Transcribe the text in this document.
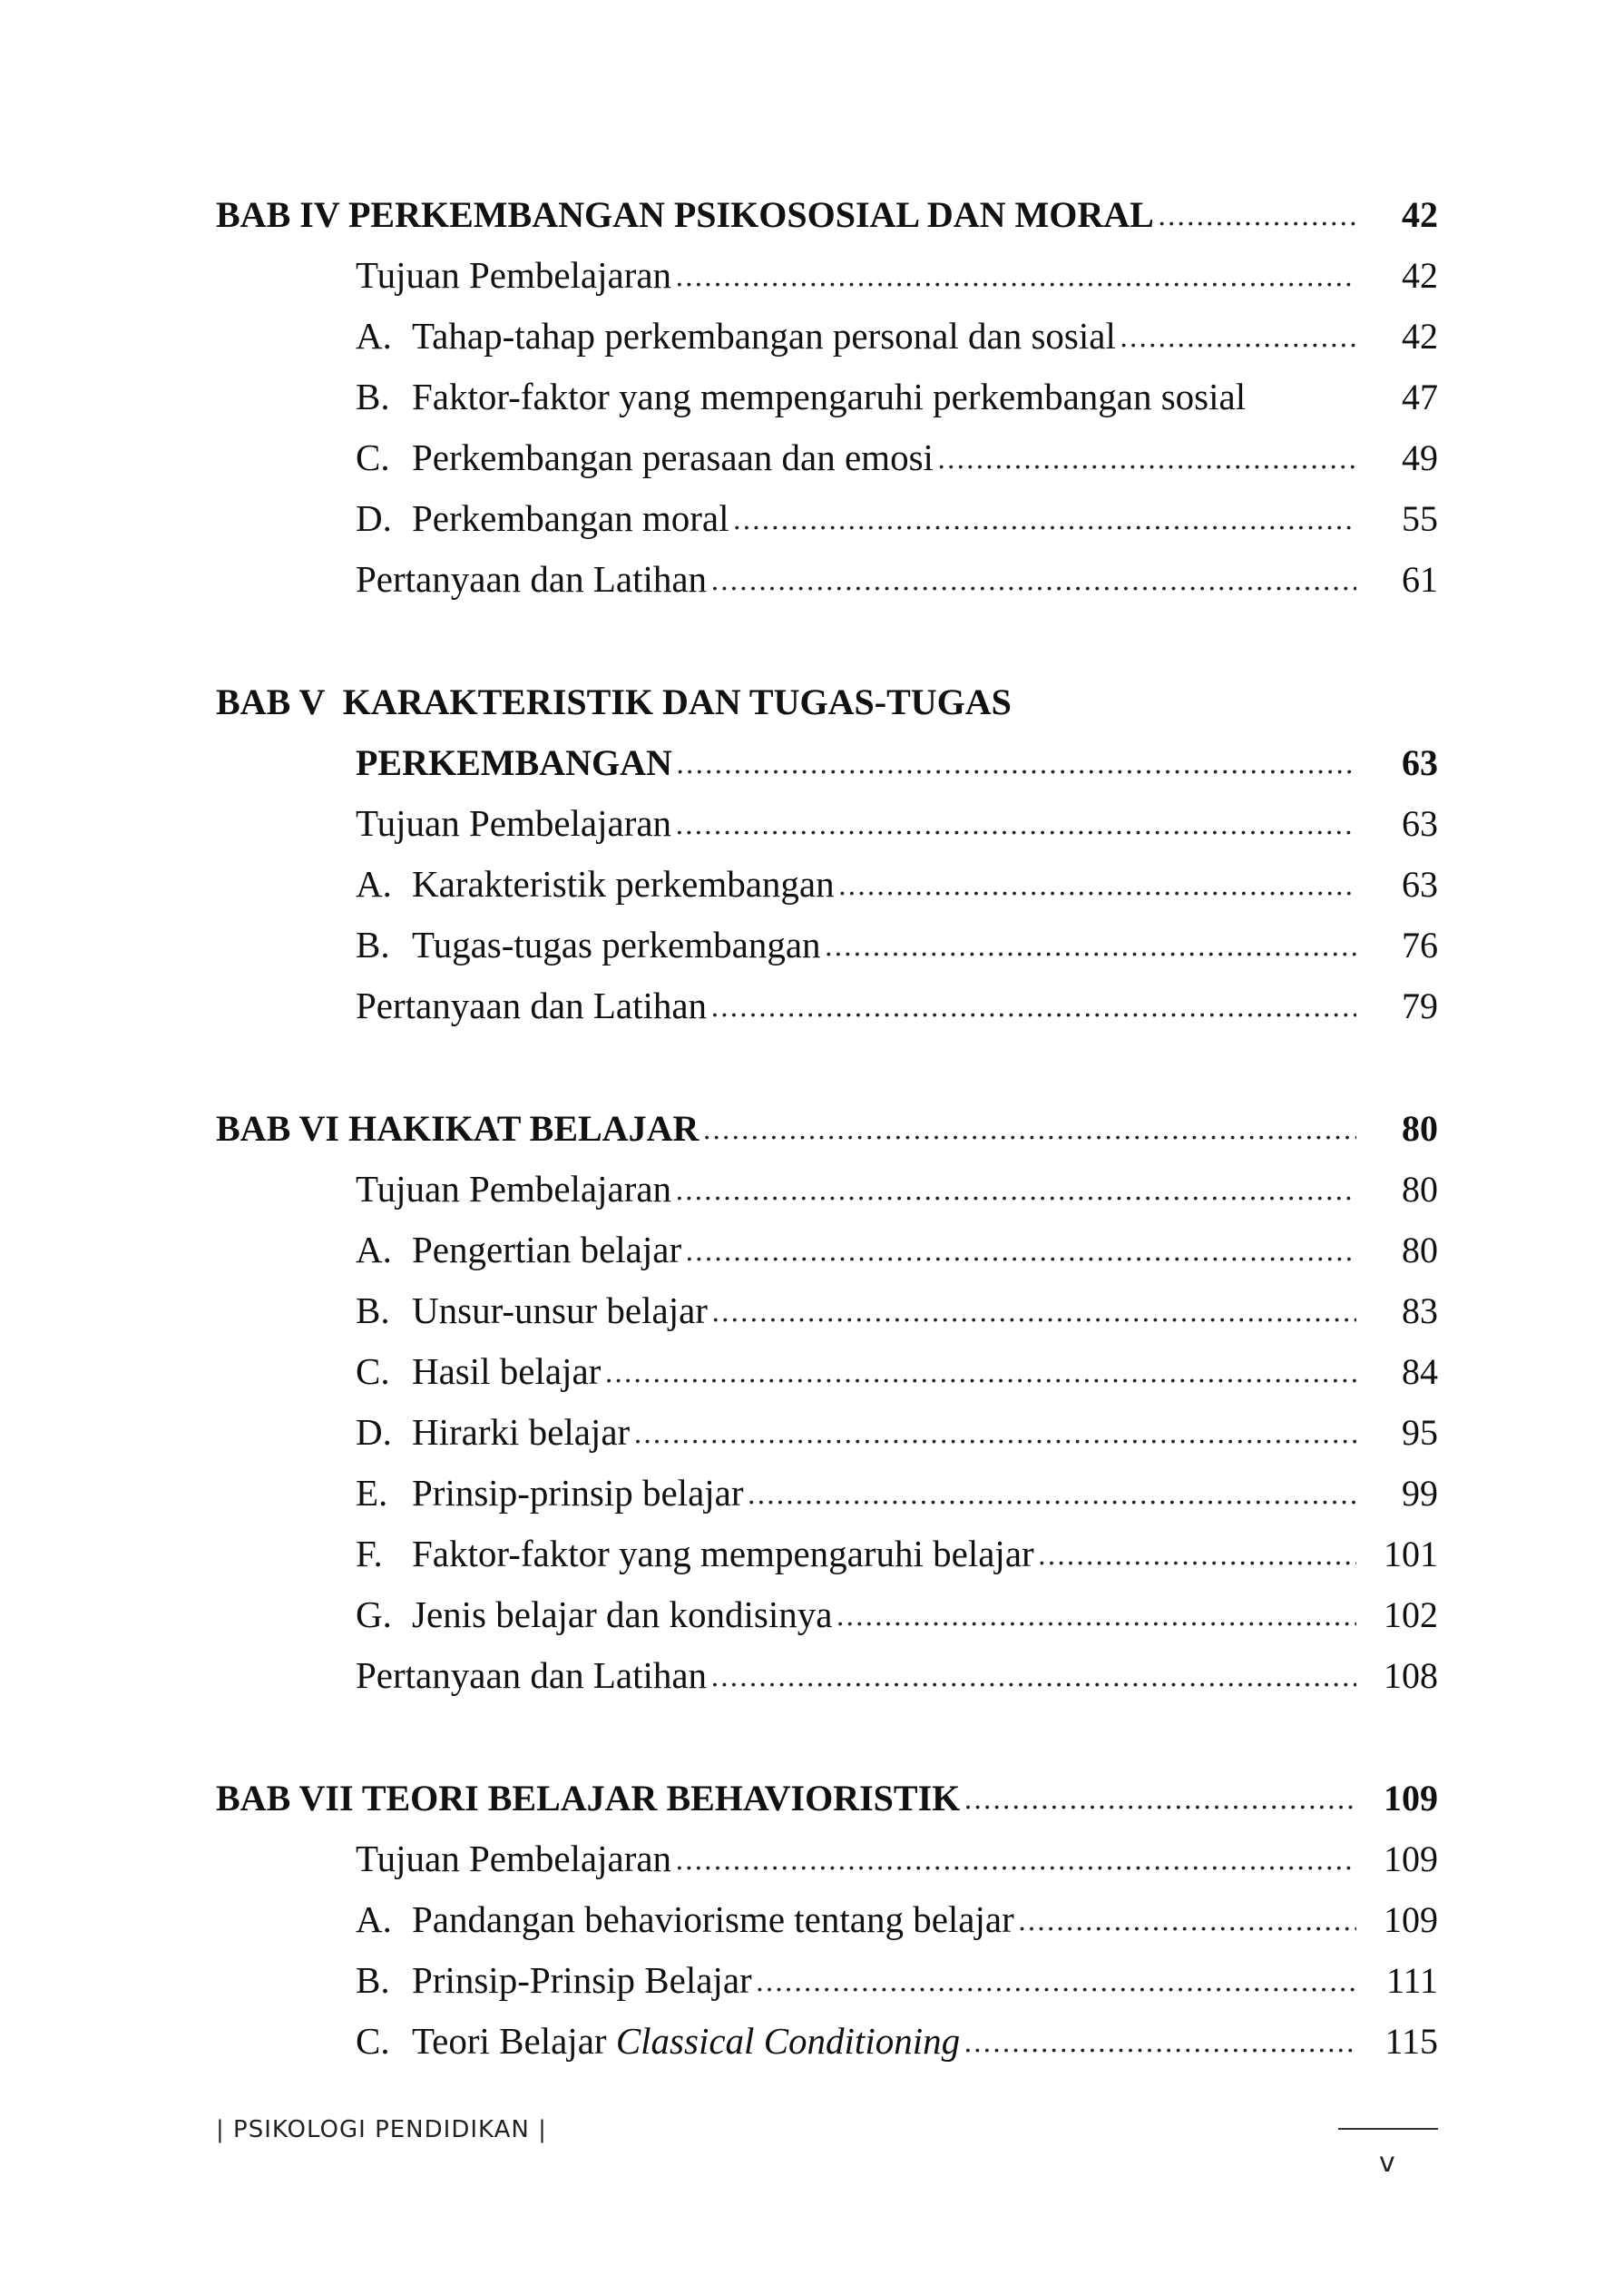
BAB IV PERKEMBANGAN PSIKOSOSIAL DAN MORAL .....	42
Tujuan Pembelajaran .....	42
A. Tahap-tahap perkembangan personal dan sosial .....	42
B. Faktor-faktor yang mempengaruhi perkembangan sosial	47
C. Perkembangan perasaan dan emosi .....	49
D. Perkembangan moral .....	55
Pertanyaan dan Latihan .....	61
BAB V  KARAKTERISTIK DAN TUGAS-TUGAS
PERKEMBANGAN .....	63
Tujuan Pembelajaran .....	63
A. Karakteristik perkembangan .....	63
B. Tugas-tugas perkembangan .....	76
Pertanyaan dan Latihan .....	79
BAB VI HAKIKAT BELAJAR .....	80
Tujuan Pembelajaran .....	80
A. Pengertian belajar .....	80
B. Unsur-unsur belajar .....	83
C. Hasil belajar .....	84
D. Hirarki belajar .....	95
E. Prinsip-prinsip belajar .....	99
F. Faktor-faktor yang mempengaruhi belajar .....	101
G. Jenis belajar dan kondisinya .....	102
Pertanyaan dan Latihan .....	108
BAB VII TEORI BELAJAR BEHAVIORISTIK .....	109
Tujuan Pembelajaran .....	109
A. Pandangan behaviorisme tentang belajar .....	109
B. Prinsip-Prinsip Belajar .....	111
C. Teori Belajar Classical Conditioning .....	115
| PSIKOLOGI PENDIDIKAN |
v
